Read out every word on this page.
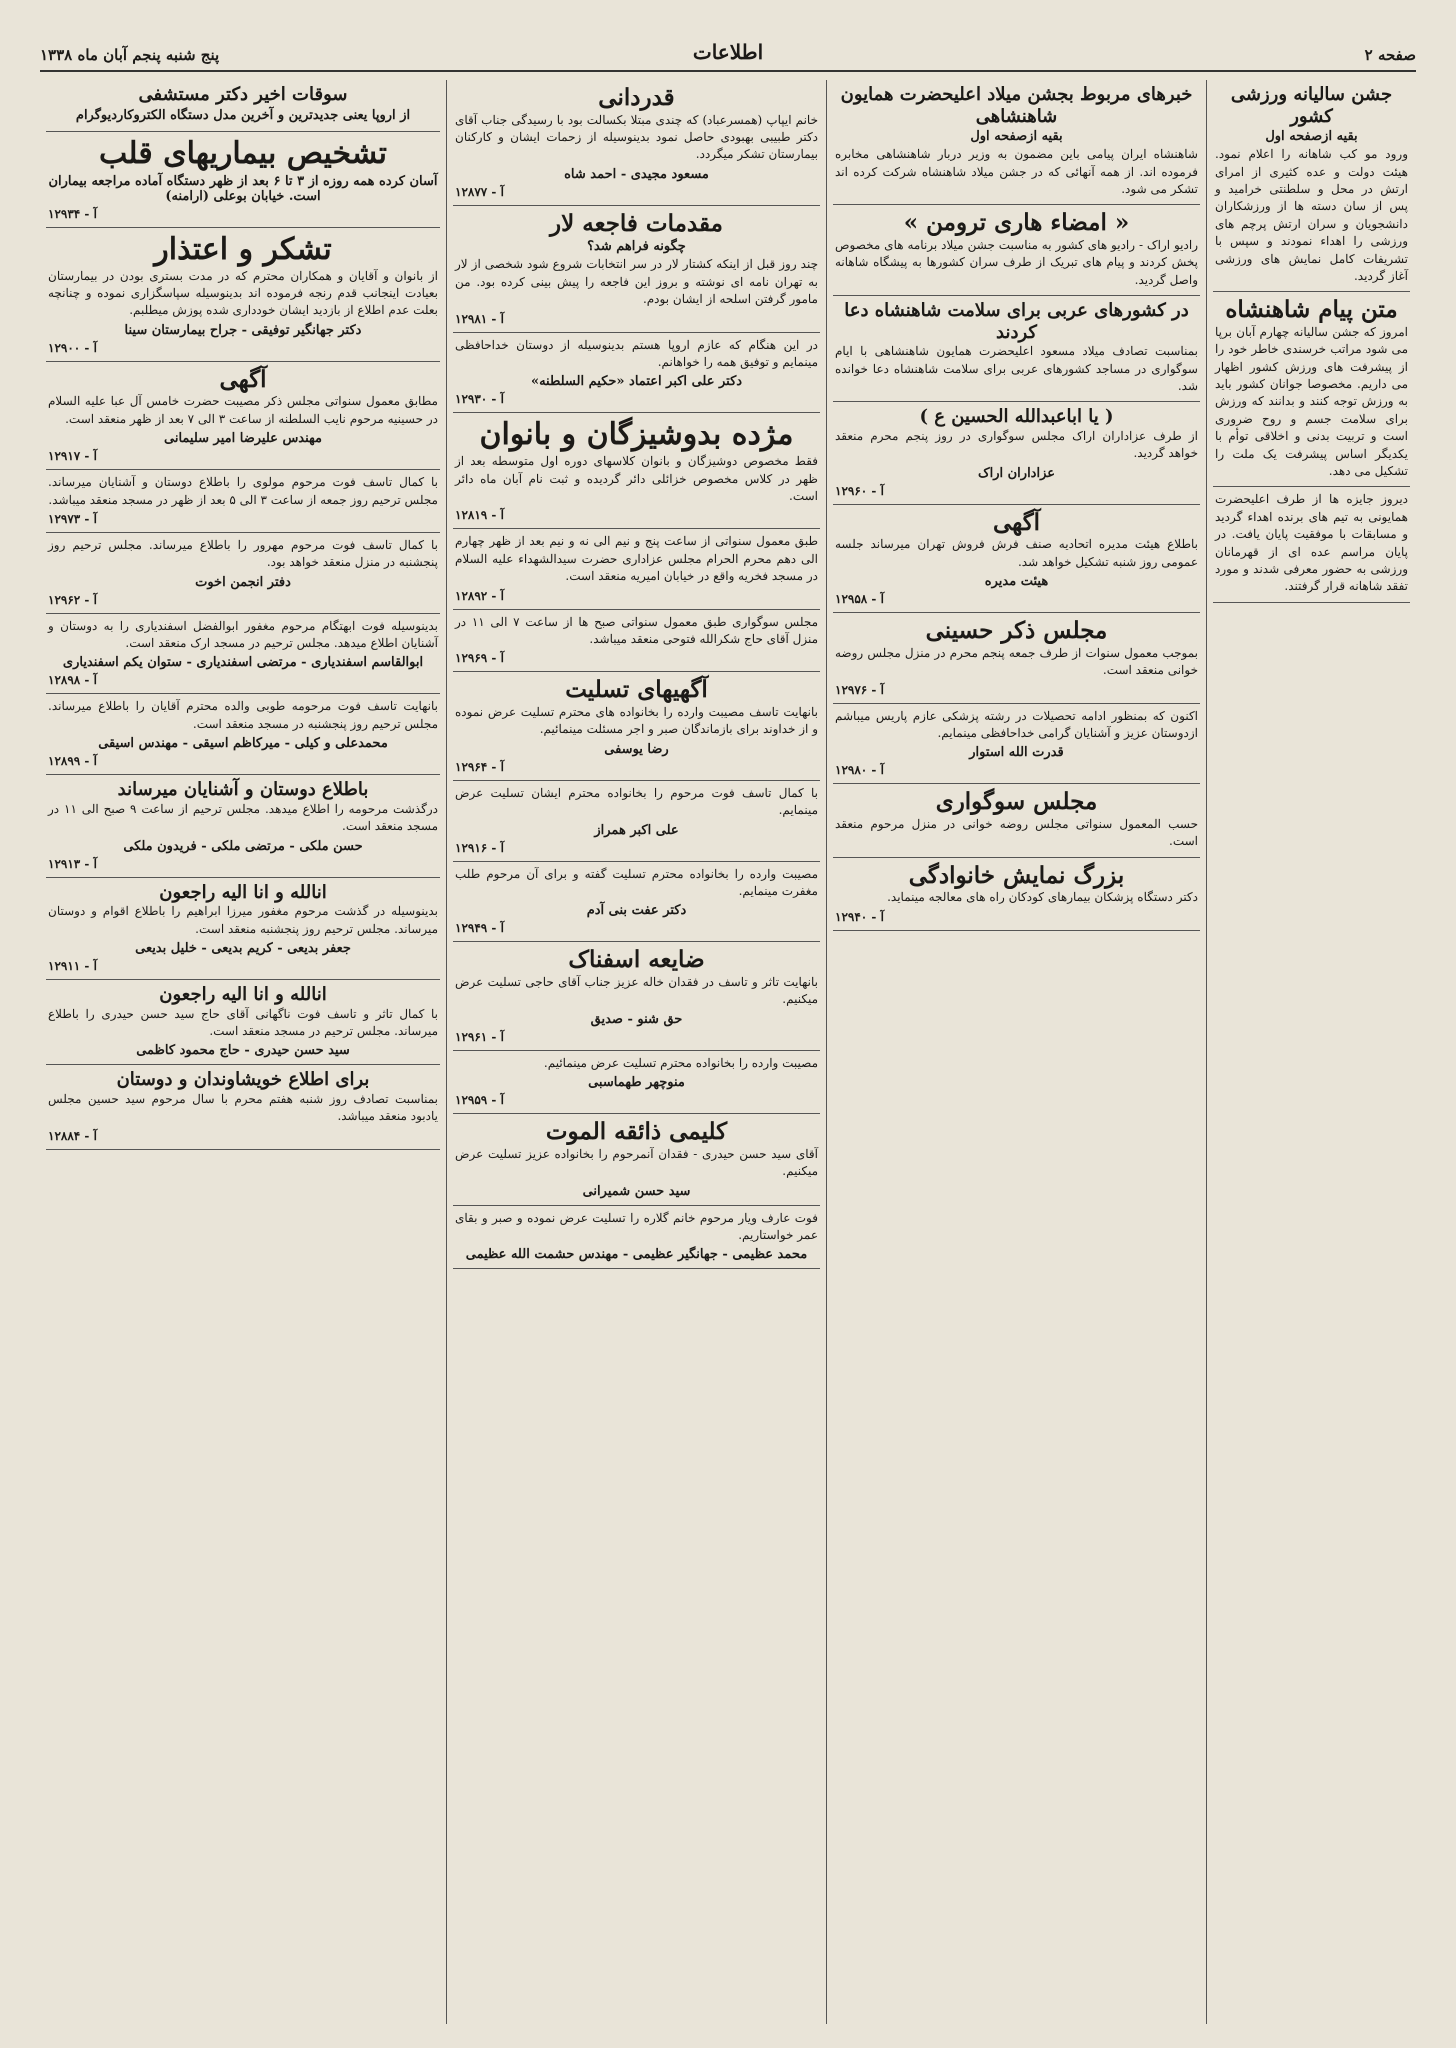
پنج شنبه پنجم آبان ماه ۱۳۳۸	اطلاعات	صفحه ۲
جشن سالیانه ورزشی کشور
بقیه ازصفحه اول
ورود مو کب شاهانه را اعلام نمود. هیئت دولت و عده کثیری از امرای ارتش در محل و سلطنتی خرامید و پس از سان دسته ها از ورزشکاران دانشجویان و سران ارتش پرچم های ورزشی را اهداء نمودند و سپس با تشریفات کامل نمایش های ورزشی آغاز گردید.
متن پیام شاهنشاه
امروز که جشن سالیانه چهارم آبان برپا می شود مراتب خرسندی خاطر خود را از پیشرفت های ورزش کشور اظهار می داریم. مخصوصا جوانان کشور باید به ورزش توجه کنند و بدانند که ورزش برای سلامت جسم و روح ضروری است و تربیت بدنی و اخلاقی توأم با یکدیگر اساس پیشرفت یک ملت را تشکیل می دهد.
دیروز جایزه ها از طرف اعلیحضرت همایونی به تیم های برنده اهداء گردید و مسابقات با موفقیت پایان یافت. در پایان مراسم عده ای از قهرمانان ورزشی به حضور معرفی شدند و مورد تفقد شاهانه قرار گرفتند.
خبرهای مربوط بجشن میلاد اعلیحضرت همایون شاهنشاهی
بقیه ازصفحه اول
شاهنشاه ایران پیامی باین مضمون به وزیر دربار شاهنشاهی مخابره فرموده اند. از همه آنهائی که در جشن میلاد شاهنشاه شرکت کرده اند تشکر می شود.
« امضاء هاری ترومن »
رادیو اراک - رادیو های کشور به مناسبت جشن میلاد برنامه های مخصوص پخش کردند و پیام های تبریک از طرف سران کشورها به پیشگاه شاهانه واصل گردید.
در کشورهای عربی برای سلامت شاهنشاه دعا کردند
بمناسبت تصادف میلاد مسعود اعلیحضرت همایون شاهنشاهی با ایام سوگواری در مساجد کشورهای عربی برای سلامت شاهنشاه دعا خوانده شد.
( یا اباعبدالله الحسین ع )
از طرف عزاداران اراک مجلس سوگواری در روز پنجم محرم منعقد خواهد گردید.
عزاداران اراک
آ - ۱۲۹۶۰
آگهی
باطلاع هیئت مدیره اتحادیه صنف فرش فروش تهران میرساند جلسه عمومی روز شنبه تشکیل خواهد شد.
هیئت مدیره
آ - ۱۲۹۵۸
مجلس ذکر حسینی
بموجب معمول سنوات از طرف جمعه پنجم محرم در منزل مجلس روضه خوانی منعقد است.
آ - ۱۲۹۷۶
اکنون که بمنظور ادامه تحصیلات در رشته پزشکی عازم پاریس میباشم ازدوستان عزیز و آشنایان گرامی خداحافظی مینمایم.
قدرت الله استوار
آ - ۱۲۹۸۰
مجلس سوگواری
حسب المعمول سنواتی مجلس روضه خوانی در منزل مرحوم منعقد است.
بزرگ نمایش خانوادگی
دکتر دستگاه پزشکان بیمارهای کودکان راه های معالجه مینماید.
آ - ۱۲۹۴۰
قدردانی
خانم ایپاپ (همسرعباد) که چندی مبتلا بکسالت بود با رسیدگی جناب آقای دکتر طبیبی بهبودی حاصل نمود بدینوسیله از زحمات ایشان و کارکنان بیمارستان تشکر میگردد.
مسعود مجیدی - احمد شاه
آ - ۱۲۸۷۷
مقدمات فاجعه لار
چگونه فراهم شد؟
چند روز قبل از اینکه کشتار لار در سر انتخابات شروع شود شخصی از لار به تهران نامه ای نوشته و بروز این فاجعه را پیش بینی کرده بود. من مامور گرفتن اسلحه از ایشان بودم.
آ - ۱۲۹۸۱
در این هنگام که عازم اروپا هستم بدینوسیله از دوستان خداحافظی مینمایم و توفیق همه را خواهانم.
دکتر علی اکبر اعتماد «حکیم السلطنه»
آ - ۱۲۹۳۰
مژده بدوشیزگان و بانوان
فقط مخصوص دوشیزگان و بانوان کلاسهای دوره اول متوسطه بعد از ظهر در کلاس مخصوص خزائلی دائر گردیده و ثبت نام آبان ماه دائر است.
آ - ۱۲۸۱۹
طبق معمول سنواتی از ساعت پنج و نیم الی نه و نیم بعد از ظهر چهارم الی دهم محرم الحرام مجلس عزاداری حضرت سیدالشهداء علیه السلام در مسجد فخریه واقع در خیابان امیریه منعقد است.
آ - ۱۲۸۹۲
مجلس سوگواری طبق معمول سنواتی صبح ها از ساعت ۷ الی ۱۱ در منزل آقای حاج شکرالله فتوحی منعقد میباشد.
آ - ۱۲۹۶۹
آگهیهای تسلیت
بانهایت تاسف مصیبت وارده را بخانواده های محترم تسلیت عرض نموده و از خداوند برای بازماندگان صبر و اجر مسئلت مینمائیم.
رضا یوسفی
آ - ۱۲۹۶۴
با کمال تاسف فوت مرحوم را بخانواده محترم ایشان تسلیت عرض مینمایم.
علی اکبر همراز
آ - ۱۲۹۱۶
مصیبت وارده را بخانواده محترم تسلیت گفته و برای آن مرحوم طلب مغفرت مینمایم.
دکتر عفت بنی آدم
آ - ۱۲۹۴۹
ضایعه اسفناک
بانهایت تاثر و تاسف در فقدان خاله عزیز جناب آقای حاجی تسلیت عرض میکنیم.
حق شنو - صدیق
آ - ۱۲۹۶۱
مصیبت وارده را بخانواده محترم تسلیت عرض مینمائیم.
منوچهر طهماسبی
آ - ۱۲۹۵۹
کلیمی ذائقه الموت
آقای سید حسن حیدری - فقدان آنمرحوم را بخانواده عزیز تسلیت عرض میکنیم.
سید حسن شمیرانی
فوت عارف ویار مرحوم خانم گلاره را تسلیت عرض نموده و صبر و بقای عمر خواستاریم.
محمد عظیمی - جهانگیر عظیمی - مهندس حشمت الله عظیمی
سوقات اخیر دکتر مستشفی
از اروپا یعنی جدیدترین و آخرین مدل دستگاه الکتروکاردیوگرام
تشخیص بیماریهای قلب
آسان کرده همه روزه از ۳ تا ۶ بعد از ظهر دستگاه آماده مراجعه بیماران است. خیابان بوعلی (ارامنه)
آ - ۱۲۹۳۴
تشکر و اعتذار
از بانوان و آقایان و همکاران محترم که در مدت بستری بودن در بیمارستان بعیادت اینجانب قدم رنجه فرموده اند بدینوسیله سپاسگزاری نموده و چنانچه بعلت عدم اطلاع از بازدید ایشان خودداری شده پوزش میطلبم.
دکتر جهانگیر توفیقی - جراح بیمارستان سینا
آ - ۱۲۹۰۰
آگهی
مطابق معمول سنواتی مجلس ذکر مصیبت حضرت خامس آل عبا علیه السلام در حسینیه مرحوم نایب السلطنه از ساعت ۳ الی ۷ بعد از ظهر منعقد است.
مهندس علیرضا امیر سلیمانی
آ - ۱۲۹۱۷
با کمال تاسف فوت مرحوم مولوی را باطلاع دوستان و آشنایان میرساند. مجلس ترحیم روز جمعه از ساعت ۳ الی ۵ بعد از ظهر در مسجد منعقد میباشد.
آ - ۱۲۹۷۳
با کمال تاسف فوت مرحوم مهرور را باطلاع میرساند. مجلس ترحیم روز پنجشنبه در منزل منعقد خواهد بود.
دفتر انجمن اخوت
آ - ۱۲۹۶۲
بدینوسیله فوت ابهتگام مرحوم مغفور ابوالفضل اسفندیاری را به دوستان و آشنایان اطلاع میدهد. مجلس ترحیم در مسجد ارک منعقد است.
ابوالقاسم اسفندیاری - مرتضی اسفندیاری - ستوان یکم اسفندیاری
آ - ۱۲۸۹۸
بانهایت تاسف فوت مرحومه طوبی والده محترم آقایان را باطلاع میرساند. مجلس ترحیم روز پنجشنبه در مسجد منعقد است.
محمدعلی و کیلی - میرکاظم اسیقی - مهندس اسیقی
آ - ۱۲۸۹۹
باطلاع دوستان و آشنایان میرساند
درگذشت مرحومه را اطلاع میدهد. مجلس ترحیم از ساعت ۹ صبح الی ۱۱ در مسجد منعقد است.
حسن ملکی - مرتضی ملکی - فریدون ملکی
آ - ۱۲۹۱۳
انالله و انا الیه راجعون
بدینوسیله در گذشت مرحوم مغفور میرزا ابراهیم را باطلاع اقوام و دوستان میرساند. مجلس ترحیم روز پنجشنبه منعقد است.
جعفر بدیعی - کریم بدیعی - خلیل بدیعی
آ - ۱۲۹۱۱
انالله و انا الیه راجعون
با کمال تاثر و تاسف فوت ناگهانی آقای حاج سید حسن حیدری را باطلاع میرساند. مجلس ترحیم در مسجد منعقد است.
سید حسن حیدری - حاج محمود کاظمی
برای اطلاع خویشاوندان و دوستان
بمناسبت تصادف روز شنبه هفتم محرم با سال مرحوم سید حسین مجلس یادبود منعقد میباشد.
آ - ۱۲۸۸۴
